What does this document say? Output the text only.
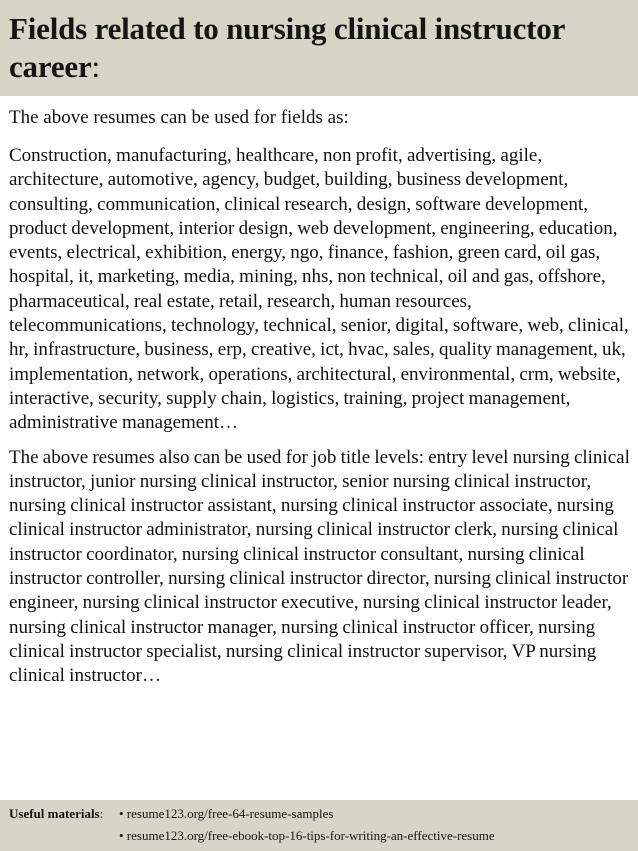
Fields related to nursing clinical instructor career:

The above resumes can be used for fields as:

Construction, manufacturing, healthcare, non profit, advertising, agile, architecture, automotive, agency, budget, building, business development, consulting, communication, clinical research, design, software development, product development, interior design, web development, engineering, education, events, electrical, exhibition, energy, ngo, finance, fashion, green card, oil gas, hospital, it, marketing, media, mining, nhs, non technical, oil and gas, offshore, pharmaceutical, real estate, retail, research, human resources, telecommunications, technology, technical, senior, digital, software, web, clinical, hr, infrastructure, business, erp, creative, ict, hvac, sales, quality management, uk, implementation, network, operations, architectural, environmental, crm, website, interactive, security, supply chain, logistics, training, project management, administrative management…

The above resumes also can be used for job title levels: entry level nursing clinical instructor, junior nursing clinical instructor, senior nursing clinical instructor, nursing clinical instructor assistant, nursing clinical instructor associate, nursing clinical instructor administrator, nursing clinical instructor clerk, nursing clinical instructor coordinator, nursing clinical instructor consultant, nursing clinical instructor controller, nursing clinical instructor director, nursing clinical instructor engineer, nursing clinical instructor executive, nursing clinical instructor leader, nursing clinical instructor manager, nursing clinical instructor officer, nursing clinical instructor specialist, nursing clinical instructor supervisor, VP nursing clinical instructor…

Useful materials: • resume123.org/free-64-resume-samples
• resume123.org/free-ebook-top-16-tips-for-writing-an-effective-resume
